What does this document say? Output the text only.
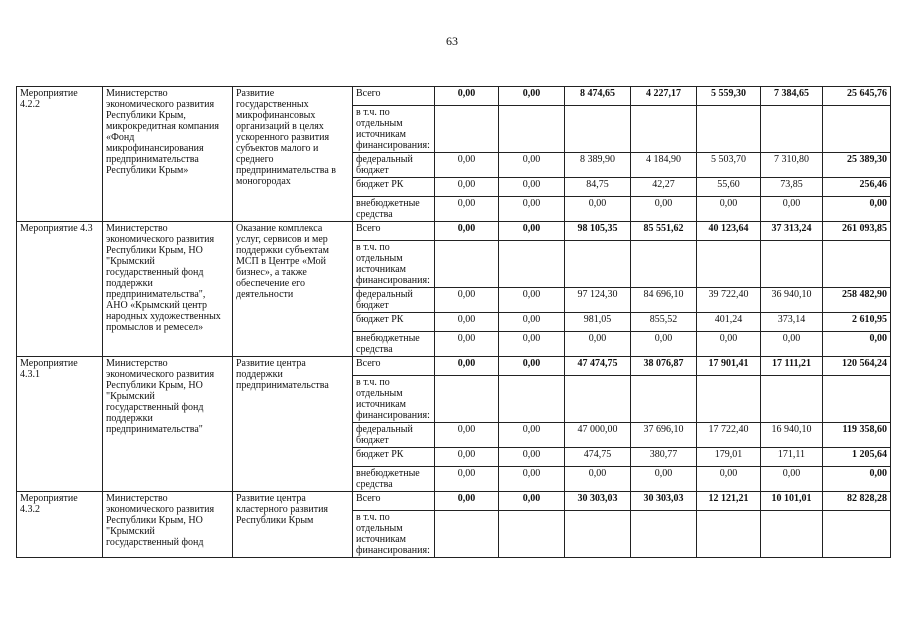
63
Мероприятие 4.2.2	Министерство экономического развития Республики Крым, микрокредитная компания «Фонд микрофинансирования предпринимательства Республики Крым»	Развитие государственных микрофинансовых организаций в целях ускоренного развития субъектов малого и среднего предпринимательства в моногородах	Всего	0,00	0,00	8 474,65	4 227,17	5 559,30	7 384,65	25 645,76
			в т.ч. по отдельным источникам финансирования:							
			федеральный бюджет	0,00	0,00	8 389,90	4 184,90	5 503,70	7 310,80	25 389,30
			бюджет РК	0,00	0,00	84,75	42,27	55,60	73,85	256,46
			внебюджетные средства	0,00	0,00	0,00	0,00	0,00	0,00	0,00
Мероприятие 4.3	Министерство экономического развития Республики Крым, НО "Крымский государственный фонд поддержки предпринимательства", АНО «Крымский центр народных художественных промыслов и ремесел»	Оказание комплекса услуг, сервисов и мер поддержки субъектам МСП в Центре «Мой бизнес», а также обеспечение его деятельности	Всего	0,00	0,00	98 105,35	85 551,62	40 123,64	37 313,24	261 093,85
			в т.ч. по отдельным источникам финансирования:							
			федеральный бюджет	0,00	0,00	97 124,30	84 696,10	39 722,40	36 940,10	258 482,90
			бюджет РК	0,00	0,00	981,05	855,52	401,24	373,14	2 610,95
			внебюджетные средства	0,00	0,00	0,00	0,00	0,00	0,00	0,00
Мероприятие 4.3.1	Министерство экономического развития Республики Крым, НО "Крымский государственный фонд поддержки предпринимательства"	Развитие центра поддержки предпринимательства	Всего	0,00	0,00	47 474,75	38 076,87	17 901,41	17 111,21	120 564,24
			в т.ч. по отдельным источникам финансирования:							
			федеральный бюджет	0,00	0,00	47 000,00	37 696,10	17 722,40	16 940,10	119 358,60
			бюджет РК	0,00	0,00	474,75	380,77	179,01	171,11	1 205,64
			внебюджетные средства	0,00	0,00	0,00	0,00	0,00	0,00	0,00
Мероприятие 4.3.2	Министерство экономического развития Республики Крым, НО "Крымский государственный фонд	Развитие центра кластерного развития Республики Крым	Всего	0,00	0,00	30 303,03	30 303,03	12 121,21	10 101,01	82 828,28
			в т.ч. по отдельным источникам финансирования:							
